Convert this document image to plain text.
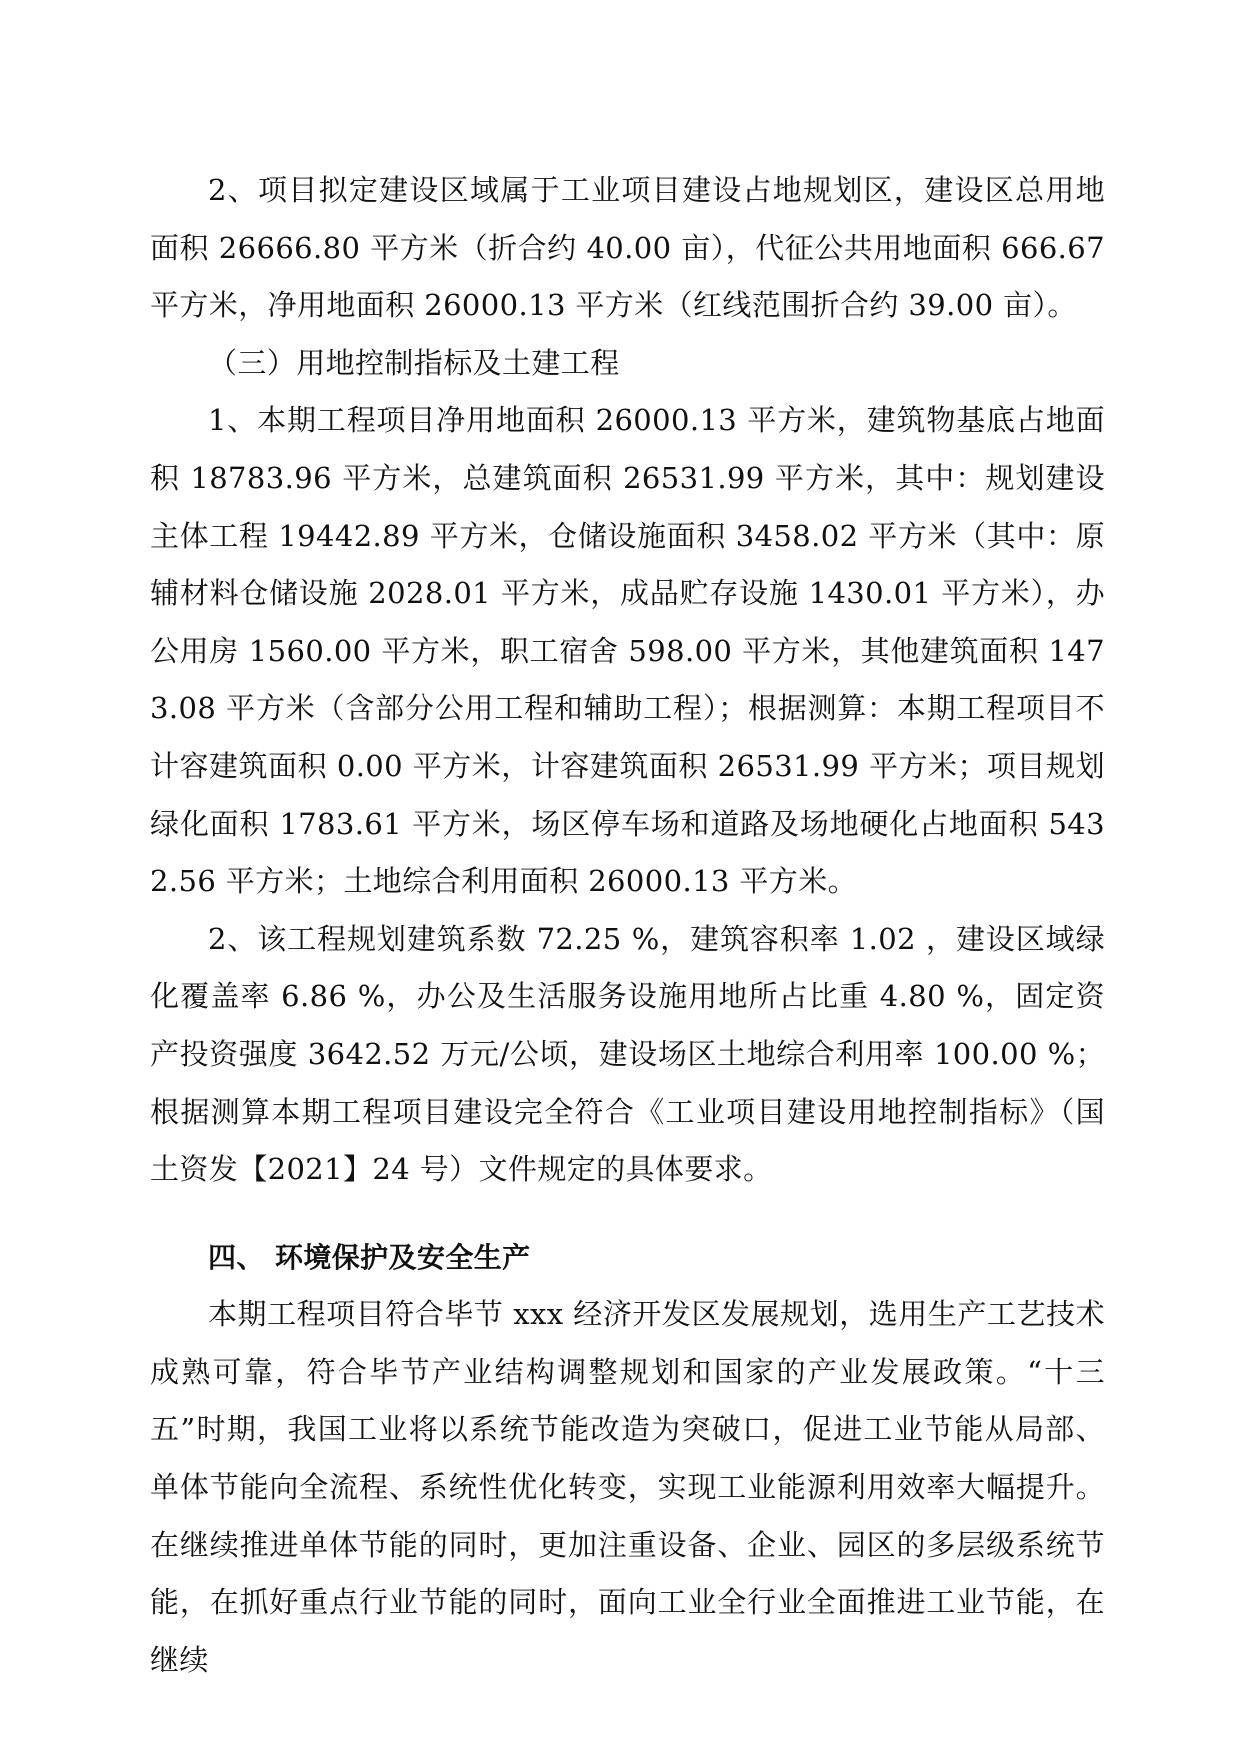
2、项目拟定建设区域属于工业项目建设占地规划区，建设区总用地面积 26666.80 平方米（折合约 40.00 亩），代征公共用地面积 666.67 平方米，净用地面积 26000.13 平方米（红线范围折合约 39.00 亩）。

（三）用地控制指标及土建工程

1、本期工程项目净用地面积 26000.13 平方米，建筑物基底占地面积 18783.96 平方米，总建筑面积 26531.99 平方米，其中：规划建设主体工程 19442.89 平方米，仓储设施面积 3458.02 平方米（其中：原辅材料仓储设施 2028.01 平方米，成品贮存设施 1430.01 平方米），办公用房 1560.00 平方米，职工宿舍 598.00 平方米，其他建筑面积 1473.08 平方米（含部分公用工程和辅助工程）；根据测算：本期工程项目不计容建筑面积 0.00 平方米，计容建筑面积 26531.99 平方米；项目规划绿化面积 1783.61 平方米，场区停车场和道路及场地硬化占地面积 5432.56 平方米；土地综合利用面积 26000.13 平方米。

2、该工程规划建筑系数 72.25 %，建筑容积率 1.02 ，建设区域绿化覆盖率 6.86 %，办公及生活服务设施用地所占比重 4.80 %，固定资产投资强度 3642.52 万元/公顷，建设场区土地综合利用率 100.00 %；根据测算本期工程项目建设完全符合《工业项目建设用地控制指标》（国土资发【2021】24 号）文件规定的具体要求。

四、 环境保护及安全生产

本期工程项目符合毕节 xxx 经济开发区发展规划，选用生产工艺技术成熟可靠，符合毕节产业结构调整规划和国家的产业发展政策。“十三五”时期，我国工业将以系统节能改造为突破口，促进工业节能从局部、单体节能向全流程、系统性优化转变，实现工业能源利用效率大幅提升。在继续推进单体节能的同时，更加注重设备、企业、园区的多层级系统节能，在抓好重点行业节能的同时，面向工业全行业全面推进工业节能，在继续
